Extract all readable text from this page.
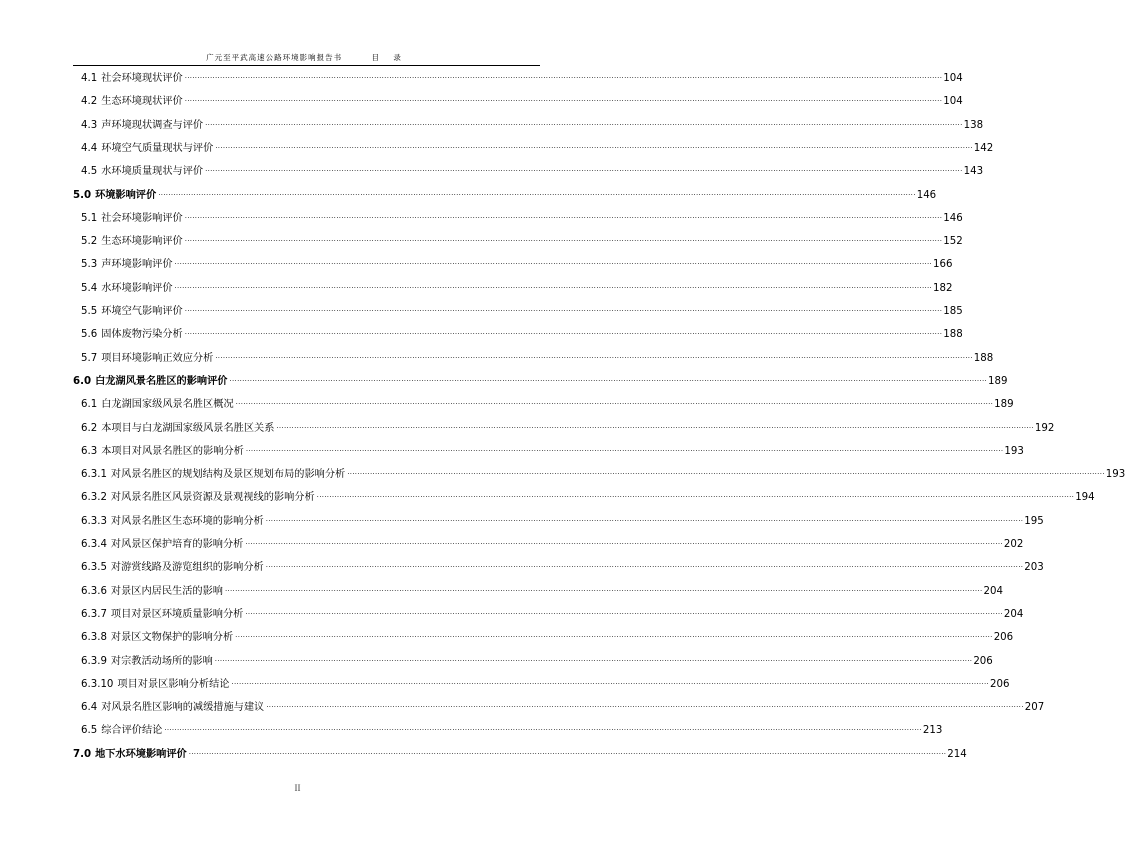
广元至平武高速公路环境影响报告书	目 录
4.1 社会环境现状评价 ............................................................................................................................................................................................................................................................................................................ 104
4.2 生态环境现状评价 ............................................................................................................................................................................................................................................................................................................ 104
4.3 声环境现状调查与评价 ............................................................................................................................................................................................................................................................................................................ 138
4.4 环境空气质量现状与评价 ............................................................................................................................................................................................................................................................................................................ 142
4.5 水环境质量现状与评价 ............................................................................................................................................................................................................................................................................................................ 143
5.0 环境影响评价 ............................................................................................................................................................................................................................................................................................................ 146
5.1 社会环境影响评价 ............................................................................................................................................................................................................................................................................................................ 146
5.2 生态环境影响评价 ............................................................................................................................................................................................................................................................................................................ 152
5.3 声环境影响评价 ............................................................................................................................................................................................................................................................................................................ 166
5.4 水环境影响评价 ............................................................................................................................................................................................................................................................................................................ 182
5.5 环境空气影响评价 ............................................................................................................................................................................................................................................................................................................ 185
5.6 固体废物污染分析 ............................................................................................................................................................................................................................................................................................................ 188
5.7 项目环境影响正效应分析 ............................................................................................................................................................................................................................................................................................................ 188
6.0 白龙湖风景名胜区的影响评价 ............................................................................................................................................................................................................................................................................................................ 189
6.1 白龙湖国家级风景名胜区概况 ............................................................................................................................................................................................................................................................................................................ 189
6.2 本项目与白龙湖国家级风景名胜区关系 ............................................................................................................................................................................................................................................................................................................ 192
6.3 本项目对风景名胜区的影响分析 ............................................................................................................................................................................................................................................................................................................ 193
6.3.1 对风景名胜区的规划结构及景区规划布局的影响分析 ............................................................................................................................................................................................................................................................................................................ 193
6.3.2 对风景名胜区风景资源及景观视线的影响分析 ............................................................................................................................................................................................................................................................................................................ 194
6.3.3 对风景名胜区生态环境的影响分析 ............................................................................................................................................................................................................................................................................................................ 195
6.3.4 对风景区保护培育的影响分析 ............................................................................................................................................................................................................................................................................................................ 202
6.3.5 对游赏线路及游览组织的影响分析 ............................................................................................................................................................................................................................................................................................................ 203
6.3.6 对景区内居民生活的影响 ............................................................................................................................................................................................................................................................................................................ 204
6.3.7 项目对景区环境质量影响分析 ............................................................................................................................................................................................................................................................................................................ 204
6.3.8 对景区文物保护的影响分析 ............................................................................................................................................................................................................................................................................................................ 206
6.3.9 对宗教活动场所的影响 ............................................................................................................................................................................................................................................................................................................ 206
6.3.10 项目对景区影响分析结论 ............................................................................................................................................................................................................................................................................................................ 206
6.4 对风景名胜区影响的减缓措施与建议 ............................................................................................................................................................................................................................................................................................................ 207
6.5 综合评价结论 ............................................................................................................................................................................................................................................................................................................ 213
7.0 地下水环境影响评价 ............................................................................................................................................................................................................................................................................................................ 214
II
